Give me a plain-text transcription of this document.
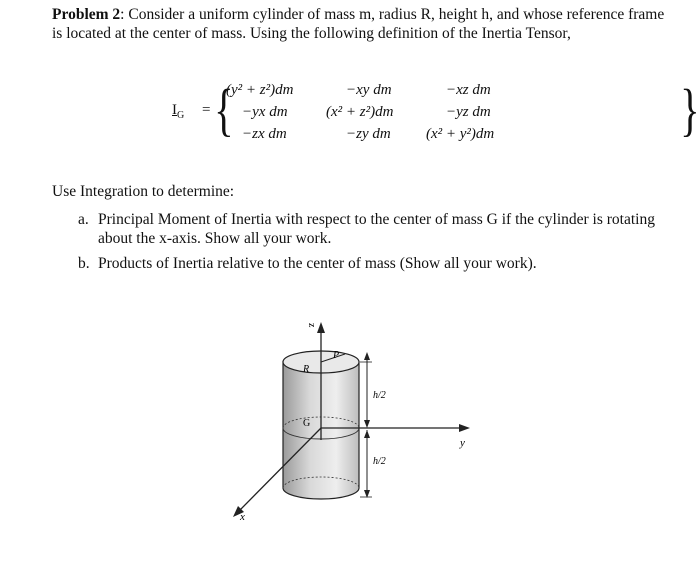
Problem 2: Consider a uniform cylinder of mass m, radius R, height h, and whose reference frame is located at the center of mass. Using the following definition of the Inertia Tensor,
$I_G$ = {	}
(y² + z²)dm	−xy dm	−xz dm
−yx dm	(x² + z²)dm	−yz dm
−zx dm	−zy dm (x² + y²)dm
Use Integration to determine:
a. Principal Moment of Inertia with respect to the center of mass G if the cylinder is rotating about the x-axis. Show all your work.
b. Products of Inertia relative to the center of mass (Show all your work).
z
R
P
G
h/2
h/2
y
x
